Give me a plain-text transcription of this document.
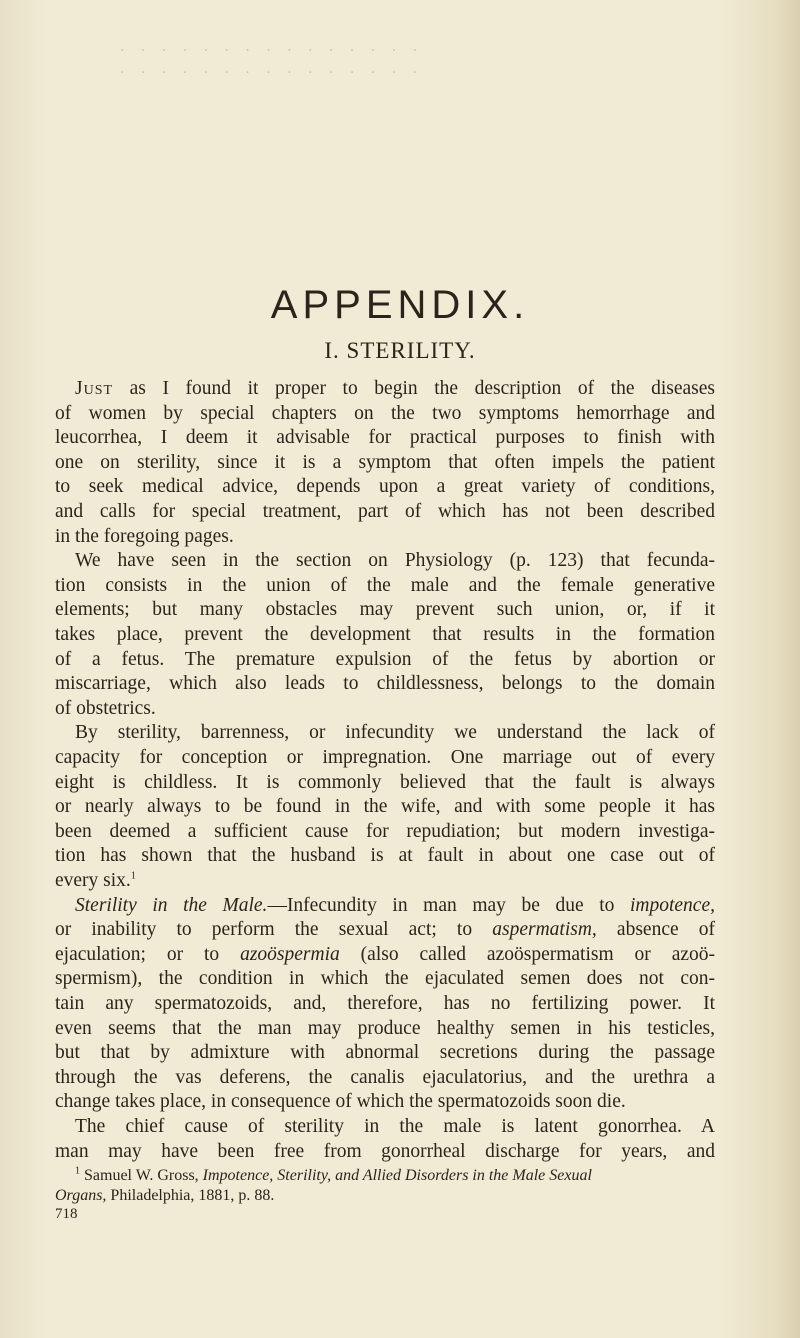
· · · · · · · · · · · · · · ·
· · · · · · · · · · · · · · ·
APPENDIX.
I. STERILITY.
Just as I found it proper to begin the description of the diseases
of women by special chapters on the two symptoms hemorrhage and
leucorrhea, I deem it advisable for practical purposes to finish with
one on sterility, since it is a symptom that often impels the patient
to seek medical advice, depends upon a great variety of conditions,
and calls for special treatment, part of which has not been described
in the foregoing pages.
We have seen in the section on Physiology (p. 123) that fecunda-
tion consists in the union of the male and the female generative
elements; but many obstacles may prevent such union, or, if it
takes place, prevent the development that results in the formation
of a fetus. The premature expulsion of the fetus by abortion or
miscarriage, which also leads to childlessness, belongs to the domain
of obstetrics.
By sterility, barrenness, or infecundity we understand the lack of
capacity for conception or impregnation. One marriage out of every
eight is childless. It is commonly believed that the fault is always
or nearly always to be found in the wife, and with some people it has
been deemed a sufficient cause for repudiation; but modern investiga-
tion has shown that the husband is at fault in about one case out of
every six.$^1$
Sterility in the Male.—Infecundity in man may be due to impotence,
or inability to perform the sexual act; to aspermatism, absence of
ejaculation; or to azoöspermia (also called azoöspermatism or azoö-
spermism), the condition in which the ejaculated semen does not con-
tain any spermatozoids, and, therefore, has no fertilizing power. It
even seems that the man may produce healthy semen in his testicles,
but that by admixture with abnormal secretions during the passage
through the vas deferens, the canalis ejaculatorius, and the urethra a
change takes place, in consequence of which the spermatozoids soon die.
The chief cause of sterility in the male is latent gonorrhea. A
man may have been free from gonorrheal discharge for years, and
$^1$ Samuel W. Gross, Impotence, Sterility, and Allied Disorders in the Male Sexual
Organs, Philadelphia, 1881, p. 88.
718
